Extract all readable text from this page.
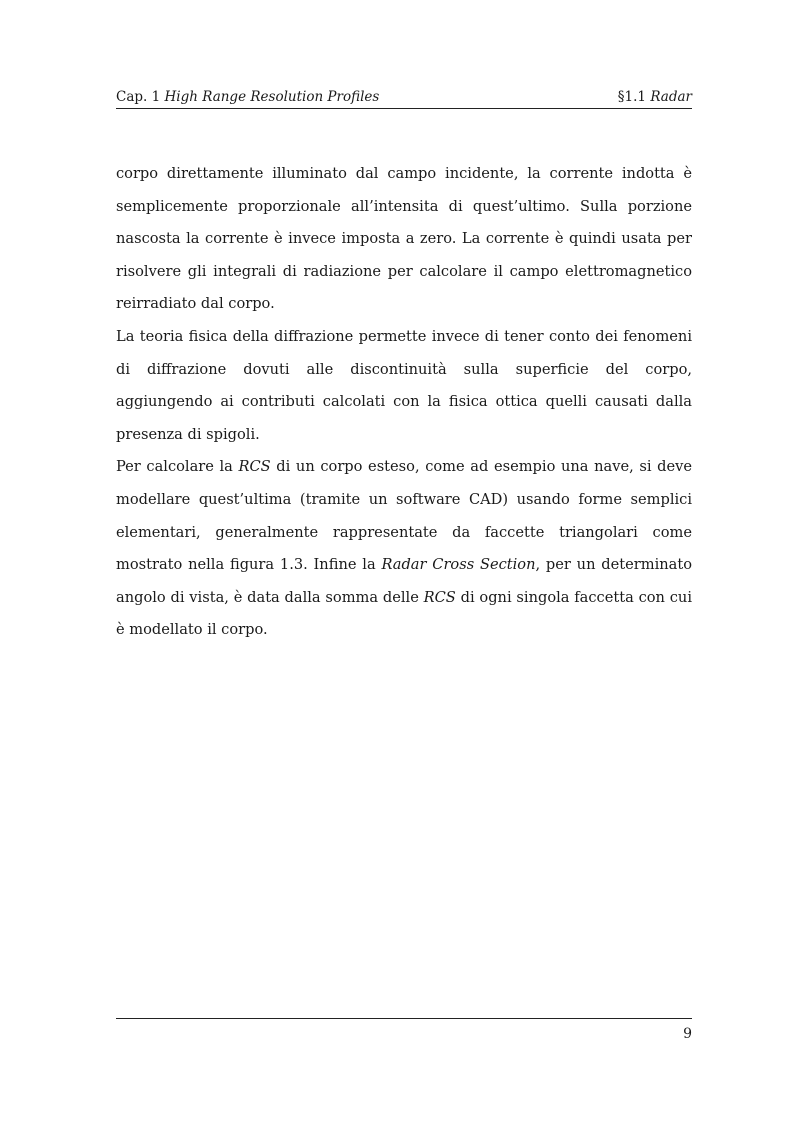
Cap. 1 High Range Resolution Profiles	§1.1 Radar

corpo direttamente illuminato dal campo incidente, la corrente indotta è semplicemente proporzionale all’intensita di quest’ultimo. Sulla porzione nascosta la corrente è invece imposta a zero. La corrente è quindi usata per risolvere gli integrali di radiazione per calcolare il campo elettromagnetico reirradiato dal corpo.

La teoria fisica della diffrazione permette invece di tener conto dei fenomeni di diffrazione dovuti alle discontinuità sulla superficie del corpo, aggiungendo ai contributi calcolati con la fisica ottica quelli causati dalla presenza di spigoli.

Per calcolare la RCS di un corpo esteso, come ad esempio una nave, si deve modellare quest’ultima (tramite un software CAD) usando forme semplici elementari, generalmente rappresentate da faccette triangolari come mostrato nella figura 1.3. Infine la Radar Cross Section, per un determinato angolo di vista, è data dalla somma delle RCS di ogni singola faccetta con cui è modellato il corpo.

9
